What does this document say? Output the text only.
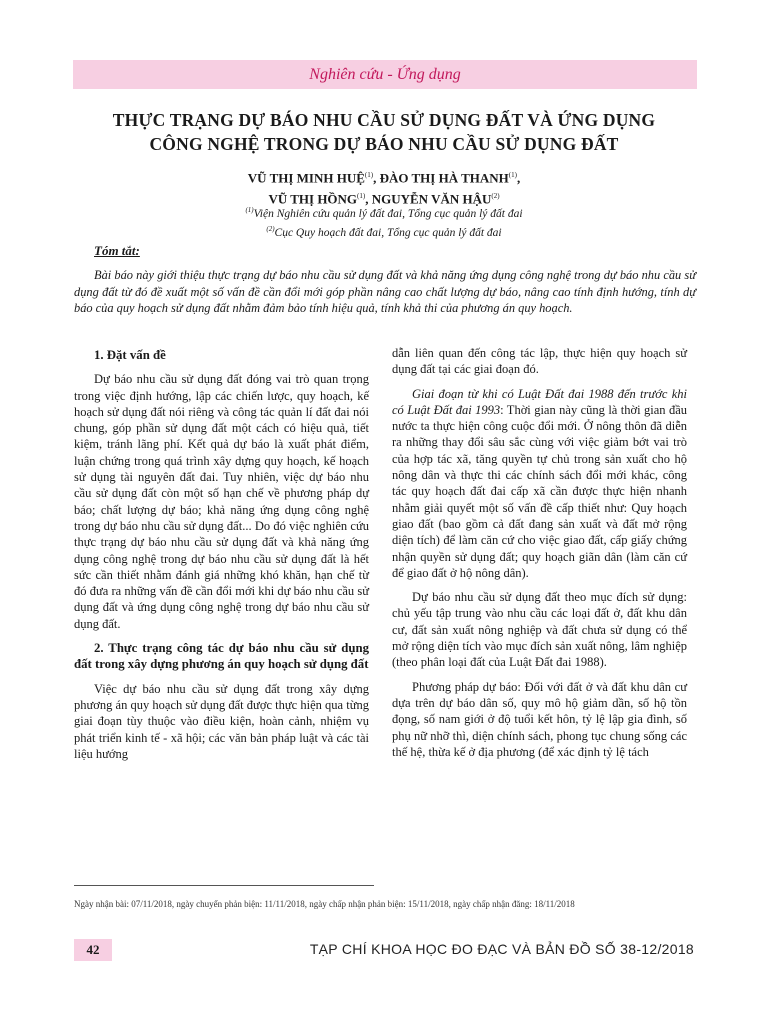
Nghiên cứu - Ứng dụng
THỰC TRẠNG DỰ BÁO NHU CẦU SỬ DỤNG ĐẤT VÀ ỨNG DỤNG
CÔNG NGHỆ TRONG DỰ BÁO NHU CẦU SỬ DỤNG ĐẤT
VŨ THỊ MINH HUỆ$^{(1)}$, ĐÀO THỊ HÀ THANH$^{(1)}$,
VŨ THỊ HỒNG$^{(1)}$, NGUYỄN VĂN HẬU$^{(2)}$
$^{(1)}$Viện Nghiên cứu quản lý đất đai, Tổng cục quản lý đất đai
$^{(2)}$Cục Quy hoạch đất đai, Tổng cục quản lý đất đai
Tóm tắt:
Bài báo này giới thiệu thực trạng dự báo nhu cầu sử dụng đất và khả năng ứng dụng công nghệ trong dự báo nhu cầu sử dụng đất từ đó đề xuất một số vấn đề cần đổi mới góp phần nâng cao chất lượng dự báo, nâng cao tính định hướng, tính dự báo của quy hoạch sử dụng đất nhằm đảm bảo tính hiệu quả, tính khả thi của phương án quy hoạch.
1. Đặt vấn đề

Dự báo nhu cầu sử dụng đất đóng vai trò quan trọng trong việc định hướng, lập các chiến lược, quy hoạch, kế hoạch sử dụng đất nói riêng và công tác quản lí đất đai nói chung, góp phần sử dụng đất một cách có hiệu quả, tiết kiệm, tránh lãng phí. Kết quả dự báo là xuất phát điểm, luận chứng trong quá trình xây dựng quy hoạch, kế hoạch sử dụng tài nguyên đất đai. Tuy nhiên, việc dự báo nhu cầu sử dụng đất còn một số hạn chế về phương pháp dự báo; chất lượng dự báo; khả năng ứng dụng công nghệ trong dự báo nhu cầu sử dụng đất... Do đó việc nghiên cứu thực trạng dự báo nhu cầu sử dụng đất và khả năng ứng dụng công nghệ trong dự báo nhu cầu sử dụng đất là hết sức cần thiết nhằm đánh giá những khó khăn, hạn chế từ đó đưa ra những vấn đề cần đổi mới khi dự báo nhu cầu sử dụng đất và ứng dụng công nghệ trong dự báo nhu cầu sử dụng đất.

2. Thực trạng công tác dự báo nhu cầu sử dụng đất trong xây dựng phương án quy hoạch sử dụng đất

Việc dự báo nhu cầu sử dụng đất trong xây dựng phương án quy hoạch sử dụng đất được thực hiện qua từng giai đoạn tùy thuộc vào điều kiện, hoàn cảnh, nhiệm vụ phát triển kinh tế - xã hội; các văn bản pháp luật và các tài liệu hướng

dẫn liên quan đến công tác lập, thực hiện quy hoạch sử dụng đất tại các giai đoạn đó.

Giai đoạn từ khi có Luật Đất đai 1988 đến trước khi có Luật Đất đai 1993: Thời gian này cũng là thời gian đầu nước ta thực hiện công cuộc đổi mới. Ở nông thôn đã diễn ra những thay đổi sâu sắc cùng với việc giảm bớt vai trò của hợp tác xã, tăng quyền tự chủ trong sản xuất cho hộ nông dân và thực thi các chính sách đổi mới khác, công tác quy hoạch đất đai cấp xã cần được thực hiện nhanh nhằm giải quyết một số vấn đề cấp thiết như: Quy hoạch giao đất (bao gồm cả đất đang sản xuất và đất mở rộng diện tích) để làm căn cứ cho việc giao đất, cấp giấy chứng nhận quyền sử dụng đất; quy hoạch giãn dân (làm căn cứ để giao đất ở hộ nông dân).

Dự báo nhu cầu sử dụng đất theo mục đích sử dụng: chủ yếu tập trung vào nhu cầu các loại đất ở, đất khu dân cư, đất sản xuất nông nghiệp và đất chưa sử dụng có thể mở rộng diện tích vào mục đích sản xuất nông, lâm nghiệp (theo phân loại đất của Luật Đất đai 1988).

Phương pháp dự báo: Đối với đất ở và đất khu dân cư dựa trên dự báo dân số, quy mô hộ giảm dần, số hộ tồn đọng, số nam giới ở độ tuổi kết hôn, tỷ lệ lập gia đình, số phụ nữ nhỡ thì, diện chính sách, phong tục chung sống các thế hệ, thừa kế ở địa phương (để xác định tỷ lệ tách

Ngày nhận bài: 07/11/2018, ngày chuyển phản biện: 11/11/2018, ngày chấp nhận phản biện: 15/11/2018, ngày chấp nhận đăng: 18/11/2018
42	TẠP CHÍ KHOA HỌC ĐO ĐẠC VÀ BẢN ĐỒ SỐ 38-12/2018
